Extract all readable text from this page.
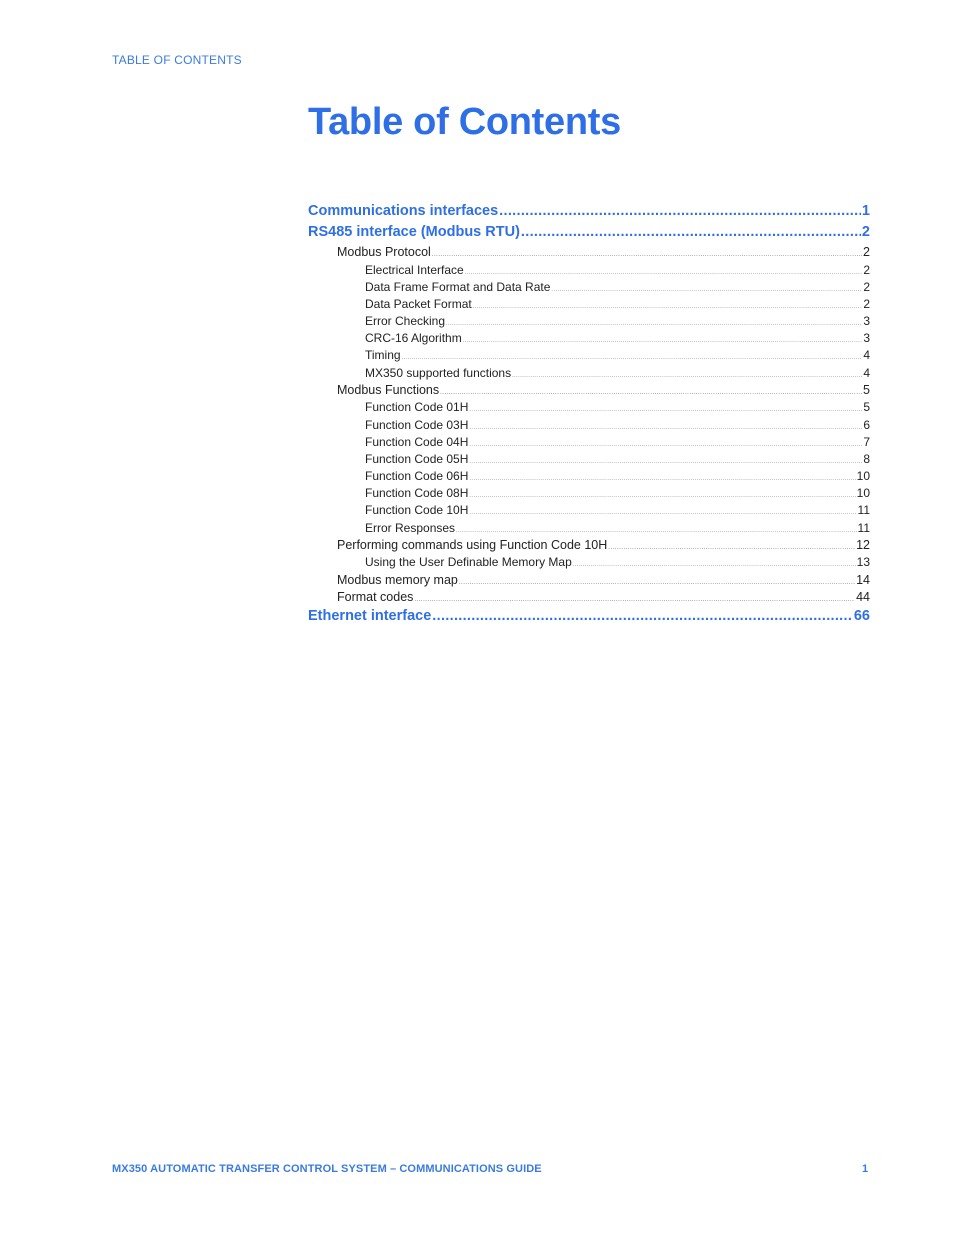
TABLE OF CONTENTS
Table of Contents
Communications interfaces .....	1
RS485 interface (Modbus RTU) .....	2
Modbus Protocol .....	2
Electrical Interface .....	2
Data Frame Format and Data Rate .....	2
Data Packet Format .....	2
Error Checking .....	3
CRC-16 Algorithm .....	3
Timing .....	4
MX350 supported functions .....	4
Modbus Functions .....	5
Function Code 01H .....	5
Function Code 03H .....	6
Function Code 04H .....	7
Function Code 05H .....	8
Function Code 06H .....	10
Function Code 08H .....	10
Function Code 10H .....	11
Error Responses .....	11
Performing commands using Function Code 10H .....	12
Using the User Definable Memory Map .....	13
Modbus memory map .....	14
Format codes .....	44
Ethernet interface .....	66
MX350 AUTOMATIC TRANSFER CONTROL SYSTEM – COMMUNICATIONS GUIDE	1
